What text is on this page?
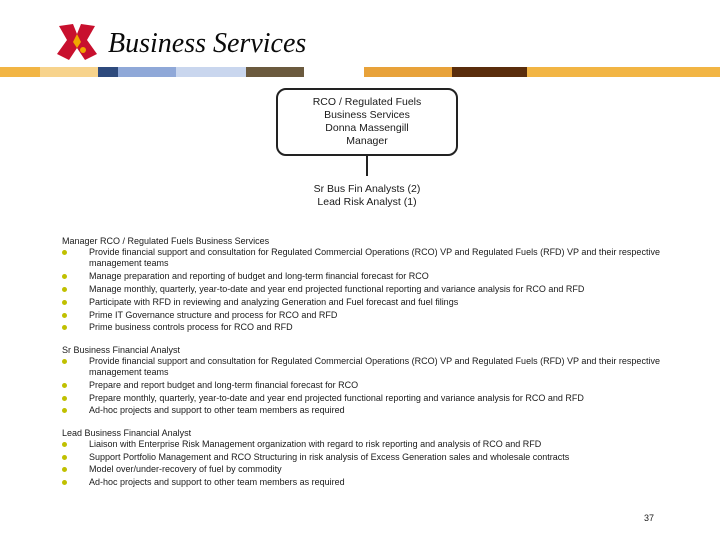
Business Services
RCO / Regulated Fuels
Business Services
Donna Massengill
Manager
Sr Bus Fin Analysts (2)
Lead Risk Analyst (1)
Manager RCO / Regulated Fuels Business Services
Provide financial support and consultation for Regulated Commercial Operations (RCO) VP and Regulated Fuels (RFD) VP and their respective management teams
Manage preparation and reporting of budget and long-term financial forecast for RCO
Manage monthly, quarterly, year-to-date and year end projected functional reporting and variance analysis for RCO and RFD
Participate with RFD in reviewing and analyzing Generation and Fuel forecast and fuel filings
Prime IT Governance structure and process for RCO and RFD
Prime business controls process for RCO and RFD
Sr Business Financial Analyst
Provide financial support and consultation for Regulated Commercial Operations (RCO) VP and Regulated Fuels (RFD) VP and their respective management teams
Prepare and report budget and long-term financial forecast for RCO
Prepare monthly, quarterly, year-to-date and year end projected functional reporting and variance analysis for RCO and RFD
Ad-hoc projects and support to other team members as required
Lead Business Financial Analyst
Liaison with Enterprise Risk Management organization with regard to risk reporting and analysis of RCO and RFD
Support Portfolio Management and RCO Structuring in risk analysis of Excess Generation sales and wholesale contracts
Model over/under-recovery of fuel by commodity
Ad-hoc projects and support to other team members as required
37
